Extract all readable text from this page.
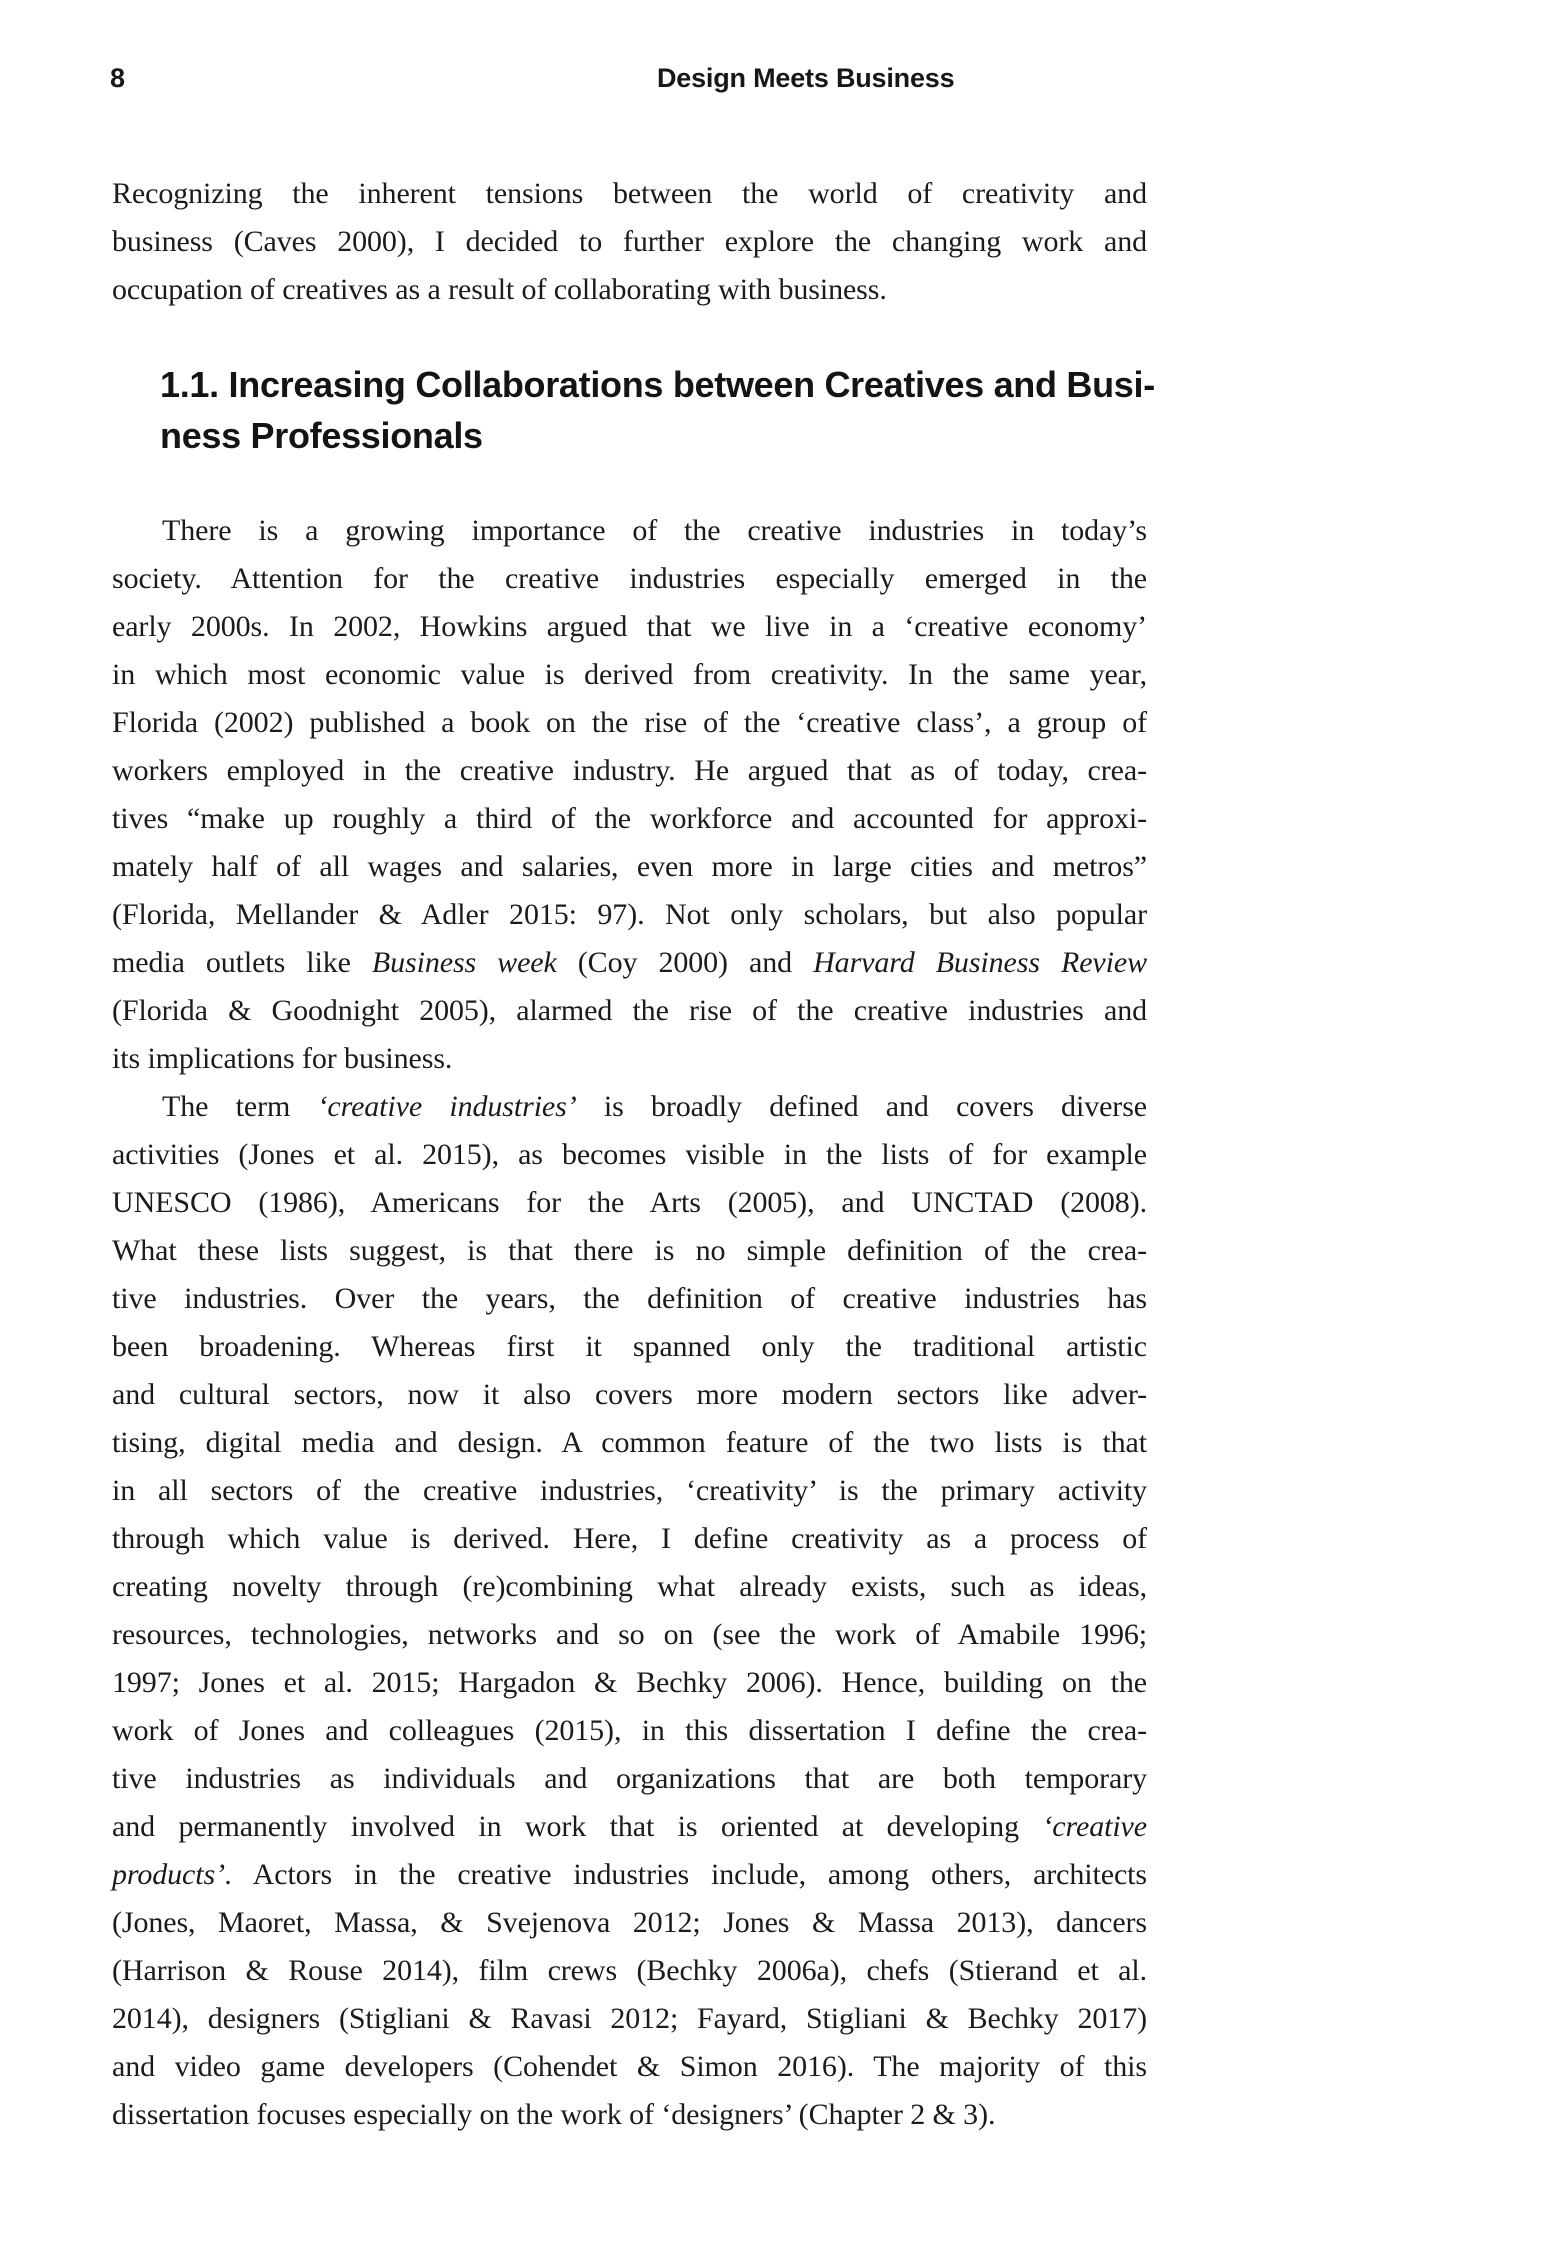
8	Design Meets Business
Recognizing the inherent tensions between the world of creativity and
business (Caves 2000), I decided to further explore the changing work and
occupation of creatives as a result of collaborating with business.
1.1. Increasing Collaborations between Creatives and Busi-
ness Professionals
There is a growing importance of the creative industries in today’s
society. Attention for the creative industries especially emerged in the
early 2000s. In 2002, Howkins argued that we live in a ‘creative economy’
in which most economic value is derived from creativity. In the same year,
Florida (2002) published a book on the rise of the ‘creative class’, a group of
workers employed in the creative industry. He argued that as of today, crea-
tives “make up roughly a third of the workforce and accounted for approxi-
mately half of all wages and salaries, even more in large cities and metros”
(Florida, Mellander & Adler 2015: 97). Not only scholars, but also popular
media outlets like Business week (Coy 2000) and Harvard Business Review
(Florida & Goodnight 2005), alarmed the rise of the creative industries and
its implications for business.
The term ‘creative industries’ is broadly defined and covers diverse
activities (Jones et al. 2015), as becomes visible in the lists of for example
UNESCO (1986), Americans for the Arts (2005), and UNCTAD (2008).
What these lists suggest, is that there is no simple definition of the crea-
tive industries. Over the years, the definition of creative industries has
been broadening. Whereas first it spanned only the traditional artistic
and cultural sectors, now it also covers more modern sectors like adver-
tising, digital media and design. A common feature of the two lists is that
in all sectors of the creative industries, ‘creativity’ is the primary activity
through which value is derived. Here, I define creativity as a process of
creating novelty through (re)combining what already exists, such as ideas,
resources, technologies, networks and so on (see the work of Amabile 1996;
1997; Jones et al. 2015; Hargadon & Bechky 2006). Hence, building on the
work of Jones and colleagues (2015), in this dissertation I define the crea-
tive industries as individuals and organizations that are both temporary
and permanently involved in work that is oriented at developing ‘creative
products’. Actors in the creative industries include, among others, architects
(Jones, Maoret, Massa, & Svejenova 2012; Jones & Massa 2013), dancers
(Harrison & Rouse 2014), film crews (Bechky 2006a), chefs (Stierand et al.
2014), designers (Stigliani & Ravasi 2012; Fayard, Stigliani & Bechky 2017)
and video game developers (Cohendet & Simon 2016). The majority of this
dissertation focuses especially on the work of ‘designers’ (Chapter 2 & 3).
